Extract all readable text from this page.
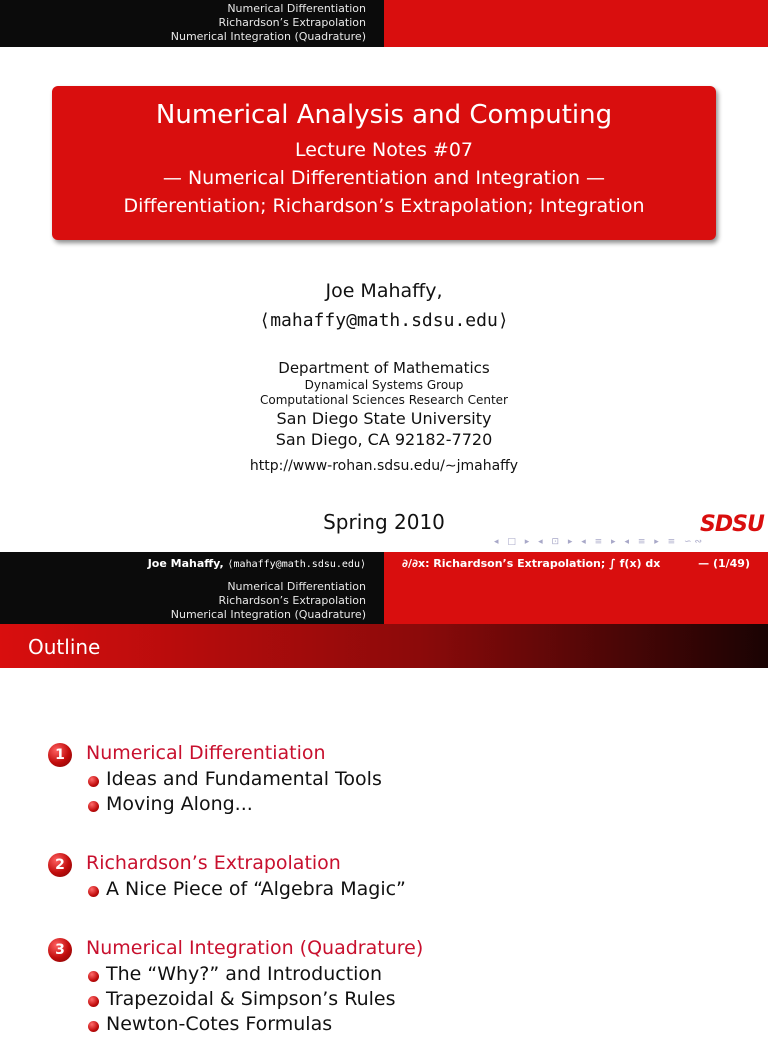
Numerical Differentiation
Richardson’s Extrapolation
Numerical Integration (Quadrature)
Numerical Analysis and Computing
Lecture Notes #07
— Numerical Differentiation and Integration —
Differentiation; Richardson’s Extrapolation; Integration
Joe Mahaffy,
⟨mahaffy@math.sdsu.edu⟩
Department of Mathematics
Dynamical Systems Group
Computational Sciences Research Center
San Diego State University
San Diego, CA 92182-7720
http://www-rohan.sdsu.edu/∼jmahaffy
Spring 2010
◂ □ ▸ ◂ ⊡ ▸ ◂ ≡ ▸ ◂ ≡ ▸ ≡ ∽∾
SDSU
Joe Mahaffy, ⟨mahaffy@math.sdsu.edu⟩	∂/∂x: Richardson’s Extrapolation; ∫ f(x) dx	— (1/49)
Numerical Differentiation
Richardson’s Extrapolation
Numerical Integration (Quadrature)
Outline
1	Numerical Differentiation
Ideas and Fundamental Tools
Moving Along...
2	Richardson’s Extrapolation
A Nice Piece of “Algebra Magic”
3	Numerical Integration (Quadrature)
The “Why?” and Introduction
Trapezoidal & Simpson’s Rules
Newton-Cotes Formulas
